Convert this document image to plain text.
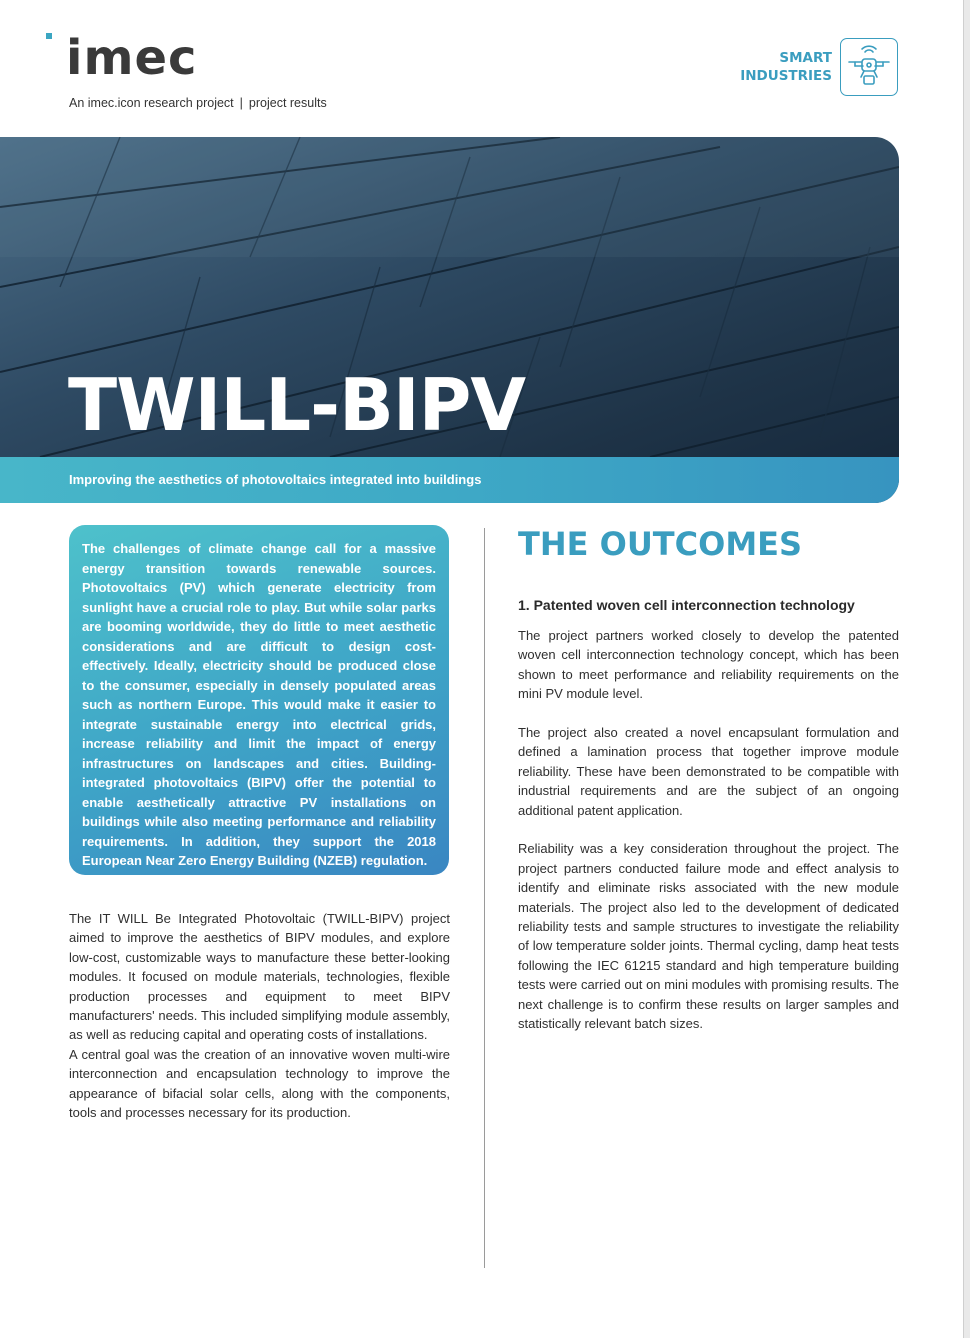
imec
An imec.icon research project | project results
SMART
INDUSTRIES
TWILL-BIPV
Improving the aesthetics of photovoltaics integrated into buildings

The challenges of climate change call for a massive energy transition towards renewable sources. Photovoltaics (PV) which generate electricity from sunlight have a crucial role to play. But while solar parks are booming worldwide, they do little to meet aesthetic considerations and are difficult to design cost-effectively. Ideally, electricity should be produced close to the consumer, especially in densely populated areas such as northern Europe. This would make it easier to integrate sustainable energy into electrical grids, increase reliability and limit the impact of energy infrastructures on landscapes and cities. Building-integrated photovoltaics (BIPV) offer the potential to enable aesthetically attractive PV installations on buildings while also meeting performance and reliability requirements. In addition, they support the 2018 European Near Zero Energy Building (NZEB) regulation.

The IT WILL Be Integrated Photovoltaic (TWILL-BIPV) project aimed to improve the aesthetics of BIPV modules, and explore low-cost, customizable ways to manufacture these better-looking modules. It focused on module materials, technologies, flexible production processes and equipment to meet BIPV manufacturers' needs. This included simplifying module assembly, as well as reducing capital and operating costs of installations.

A central goal was the creation of an innovative woven multi-wire interconnection and encapsulation technology to improve the appearance of bifacial solar cells, along with the components, tools and processes necessary for its production.

THE OUTCOMES
1. Patented woven cell interconnection technology

The project partners worked closely to develop the patented woven cell interconnection technology concept, which has been shown to meet performance and reliability requirements on the mini PV module level.

The project also created a novel encapsulant formulation and defined a lamination process that together improve module reliability. These have been demonstrated to be compatible with industrial requirements and are the subject of an ongoing additional patent application.

Reliability was a key consideration throughout the project. The project partners conducted failure mode and effect analysis to identify and eliminate risks associated with the new module materials. The project also led to the development of dedicated reliability tests and sample structures to investigate the reliability of low temperature solder joints. Thermal cycling, damp heat tests following the IEC 61215 standard and high temperature building tests were carried out on mini modules with promising results. The next challenge is to confirm these results on larger samples and statistically relevant batch sizes.
